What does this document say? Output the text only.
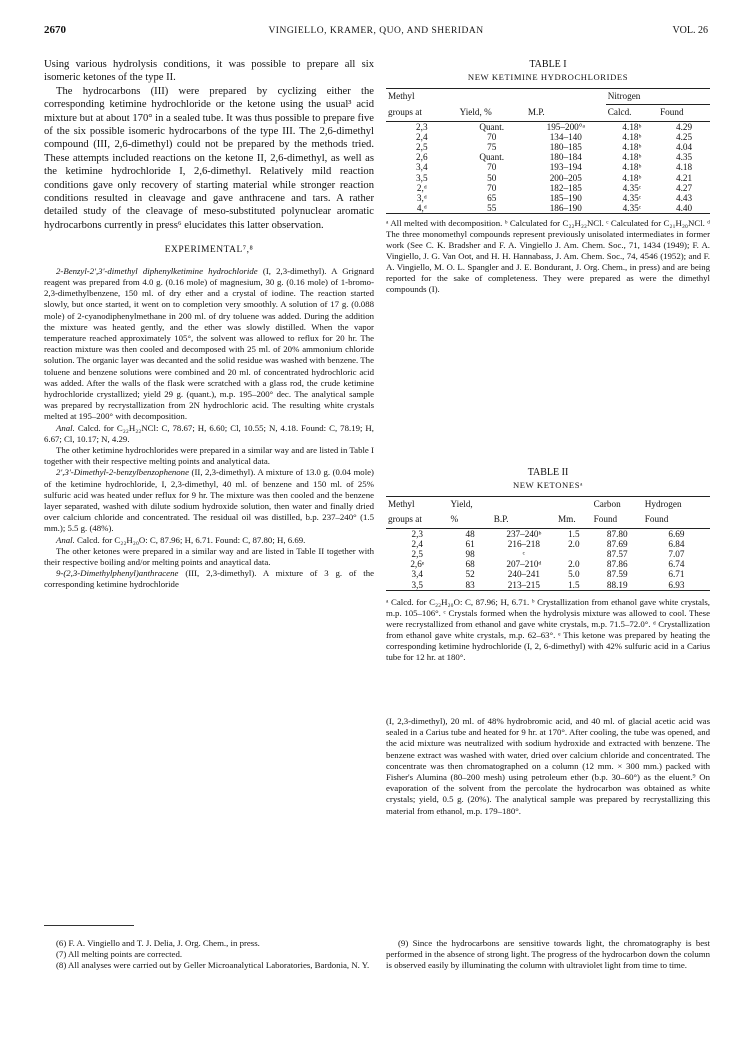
2670	VINGIELLO, KRAMER, QUO, AND SHERIDAN	VOL. 26

Using various hydrolysis conditions, it was possible to prepare all six isomeric ketones of the type II.

The hydrocarbons (III) were prepared by cyclizing either the corresponding ketimine hydrochloride or the ketone using the usual³ acid mixture but at about 170° in a sealed tube. It was thus possible to prepare five of the six possible isomeric hydrocarbons of the type III. The 2,6-dimethyl compound (III, 2,6-dimethyl) could not be prepared by the methods tried. These attempts included reactions on the ketone II, 2,6-dimethyl, as well as the ketimine hydrochloride I, 2,6-dimethyl. Relatively mild reaction conditions gave only recovery of starting material while stronger reaction conditions resulted in cleavage and gave anthracene and tars. A rather detailed study of the cleavage of meso-substituted polynuclear aromatic hydrocarbons currently in press⁶ elucidates this latter observation.

EXPERIMENTAL⁷,⁸

2-Benzyl-2',3'-dimethyl diphenylketimine hydrochloride (I, 2,3-dimethyl). A Grignard reagent was prepared from 4.0 g. (0.16 mole) of magnesium, 30 g. (0.16 mole) of 1-bromo-2,3-dimethylbenzene, 150 ml. of dry ether and a crystal of iodine. The reaction started slowly, but once started, it went on to completion very smoothly. A solution of 17 g. (0.088 mole) of 2-cyanodiphenylmethane in 200 ml. of dry toluene was added. During the addition the mixture was heated gently, and the ether was slowly distilled. When the vapor temperature reached approximately 105°, the solvent was allowed to reflux for 20 hr. The reaction mixture was then cooled and decomposed with 25 ml. of 20% ammonium chloride solution. The organic layer was decanted and the solid residue was washed with benzene. The toluene and benzene solutions were combined and 20 ml. of concentrated hydrochloric acid was added. After the walls of the flask were scratched with a glass rod, the crude ketimine hydrochloride crystallized; yield 29 g. (quant.), m.p. 195–200° dec. The analytical sample was prepared by recrystallization from 2N hydrochloric acid. The resulting white crystals melted at 195–200° with decomposition.

Anal. Calcd. for C₂₂H₂₂NCl: C, 78.67; H, 6.60; Cl, 10.55; N, 4.18. Found: C, 78.19; H, 6.67; Cl, 10.17; N, 4.29.

The other ketimine hydrochlorides were prepared in a similar way and are listed in Table I together with their respective melting points and analytical data.

2',3'-Dimethyl-2-benzylbenzophenone (II, 2,3-dimethyl). A mixture of 13.0 g. (0.04 mole) of the ketimine hydrochloride, I, 2,3-dimethyl, 40 ml. of benzene and 150 ml. of 25% sulfuric acid was heated under reflux for 9 hr. The mixture was then cooled and the benzene layer separated, washed with dilute sodium hydroxide solution, then water and finally dried over calcium chloride and concentrated. The residual oil was distilled, b.p. 237–240° (1.5 mm.); 5.5 g. (48%).

Anal. Calcd. for C₂₂H₂₀O: C, 87.96; H, 6.71. Found: C, 87.80; H, 6.69.

The other ketones were prepared in a similar way and are listed in Table II together with their respective boiling and/or melting points and anaytical data.

9-(2,3-Dimethylphenyl)anthracene (III, 2,3-dimethyl). A mixture of 3 g. of the corresponding ketimine hydrochloride

TABLE I
NEW KETIMINE HYDROCHLORIDES
Methyl			Nitrogen	
groups at	Yield, %	M.P.	Calcd.	Found
2,3	Quant.	195–200°ᵃ	4.18ᵇ	4.29
2,4	70	134–140	4.18ᵇ	4.25
2,5	75	180–185	4.18ᵇ	4.04
2,6	Quant.	180–184	4.18ᵇ	4.35
3,4	70	193–194	4.18ᵇ	4.18
3,5	50	200–205	4.18ᵇ	4.21
2,ᵈ	70	182–185	4.35ᶜ	4.27
3,ᵈ	65	185–190	4.35ᶜ	4.43
4,ᵈ	55	186–190	4.35ᶜ	4.40
ᵃ All melted with decomposition. ᵇ Calculated for C₂₂H₂₂NCl. ᶜ Calculated for C₂₁H₂₀NCl. ᵈ The three monomethyl compounds represent previously unisolated intermediates in former work (See C. K. Bradsher and F. A. Vingiello J. Am. Chem. Soc., 71, 1434 (1949); F. A. Vingiello, J. G. Van Oot, and H. H. Hannabass, J. Am. Chem. Soc., 74, 4546 (1952); and F. A. Vingiello, M. O. L. Spangler and J. E. Bondurant, J. Org. Chem., in press) and are being reported for the sake of completeness. They were prepared as were the dimethyl compounds (I).
TABLE II
NEW KETONESᵃ
Methyl	Yield,			Carbon	Hydrogen
groups at	%	B.P.	Mm.	Found	Found
2,3	48	237–240ᵇ	1.5	87.80	6.69
2,4	61	216–218	2.0	87.69	6.84
2,5	98	ᶜ		87.57	7.07
2,6ᵉ	68	207–210ᵈ	2.0	87.86	6.74
3,4	52	240–241	5.0	87.59	6.71
3,5	83	213–215	1.5	88.19	6.93
ᵃ Calcd. for C₂₂H₂₀O: C, 87.96; H, 6.71. ᵇ Crystallization from ethanol gave white crystals, m.p. 105–106°. ᶜ Crystals formed when the hydrolysis mixture was allowed to cool. These were recrystallized from ethanol and gave white crystals, m.p. 71.5–72.0°. ᵈ Crystallization from ethanol gave white crystals, m.p. 62–63°. ᵉ This ketone was prepared by heating the corresponding ketimine hydrochloride (I, 2, 6-dimethyl) with 42% sulfuric acid in a Carius tube for 12 hr. at 180°.

(I, 2,3-dimethyl), 20 ml. of 48% hydrobromic acid, and 40 ml. of glacial acetic acid was sealed in a Carius tube and heated for 9 hr. at 170°. After cooling, the tube was opened, and the acid mixture was neutralized with sodium hydroxide and extracted with benzene. The benzene extract was washed with water, dried over calcium chloride and concentrated. The concentrate was then chromatographed on a column (12 mm. × 300 mm.) packed with Fisher's Alumina (80–200 mesh) using petroleum ether (b.p. 30–60°) as the eluent.⁹ On evaporation of the solvent from the percolate the hydrocarbon was obtained as white crystals; yield, 0.5 g. (20%). The analytical sample was prepared by recrystallizing this material from ethanol, m.p. 179–180°.

(6) F. A. Vingiello and T. J. Delia, J. Org. Chem., in press.

(7) All melting points are corrected.

(8) All analyses were carried out by Geller Microanalytical Laboratories, Bardonia, N. Y.

(9) Since the hydrocarbons are sensitive towards light, the chromatography is best performed in the absence of strong light. The progress of the hydrocarbon down the column is observed easily by illuminating the column with ultraviolet light from time to time.
